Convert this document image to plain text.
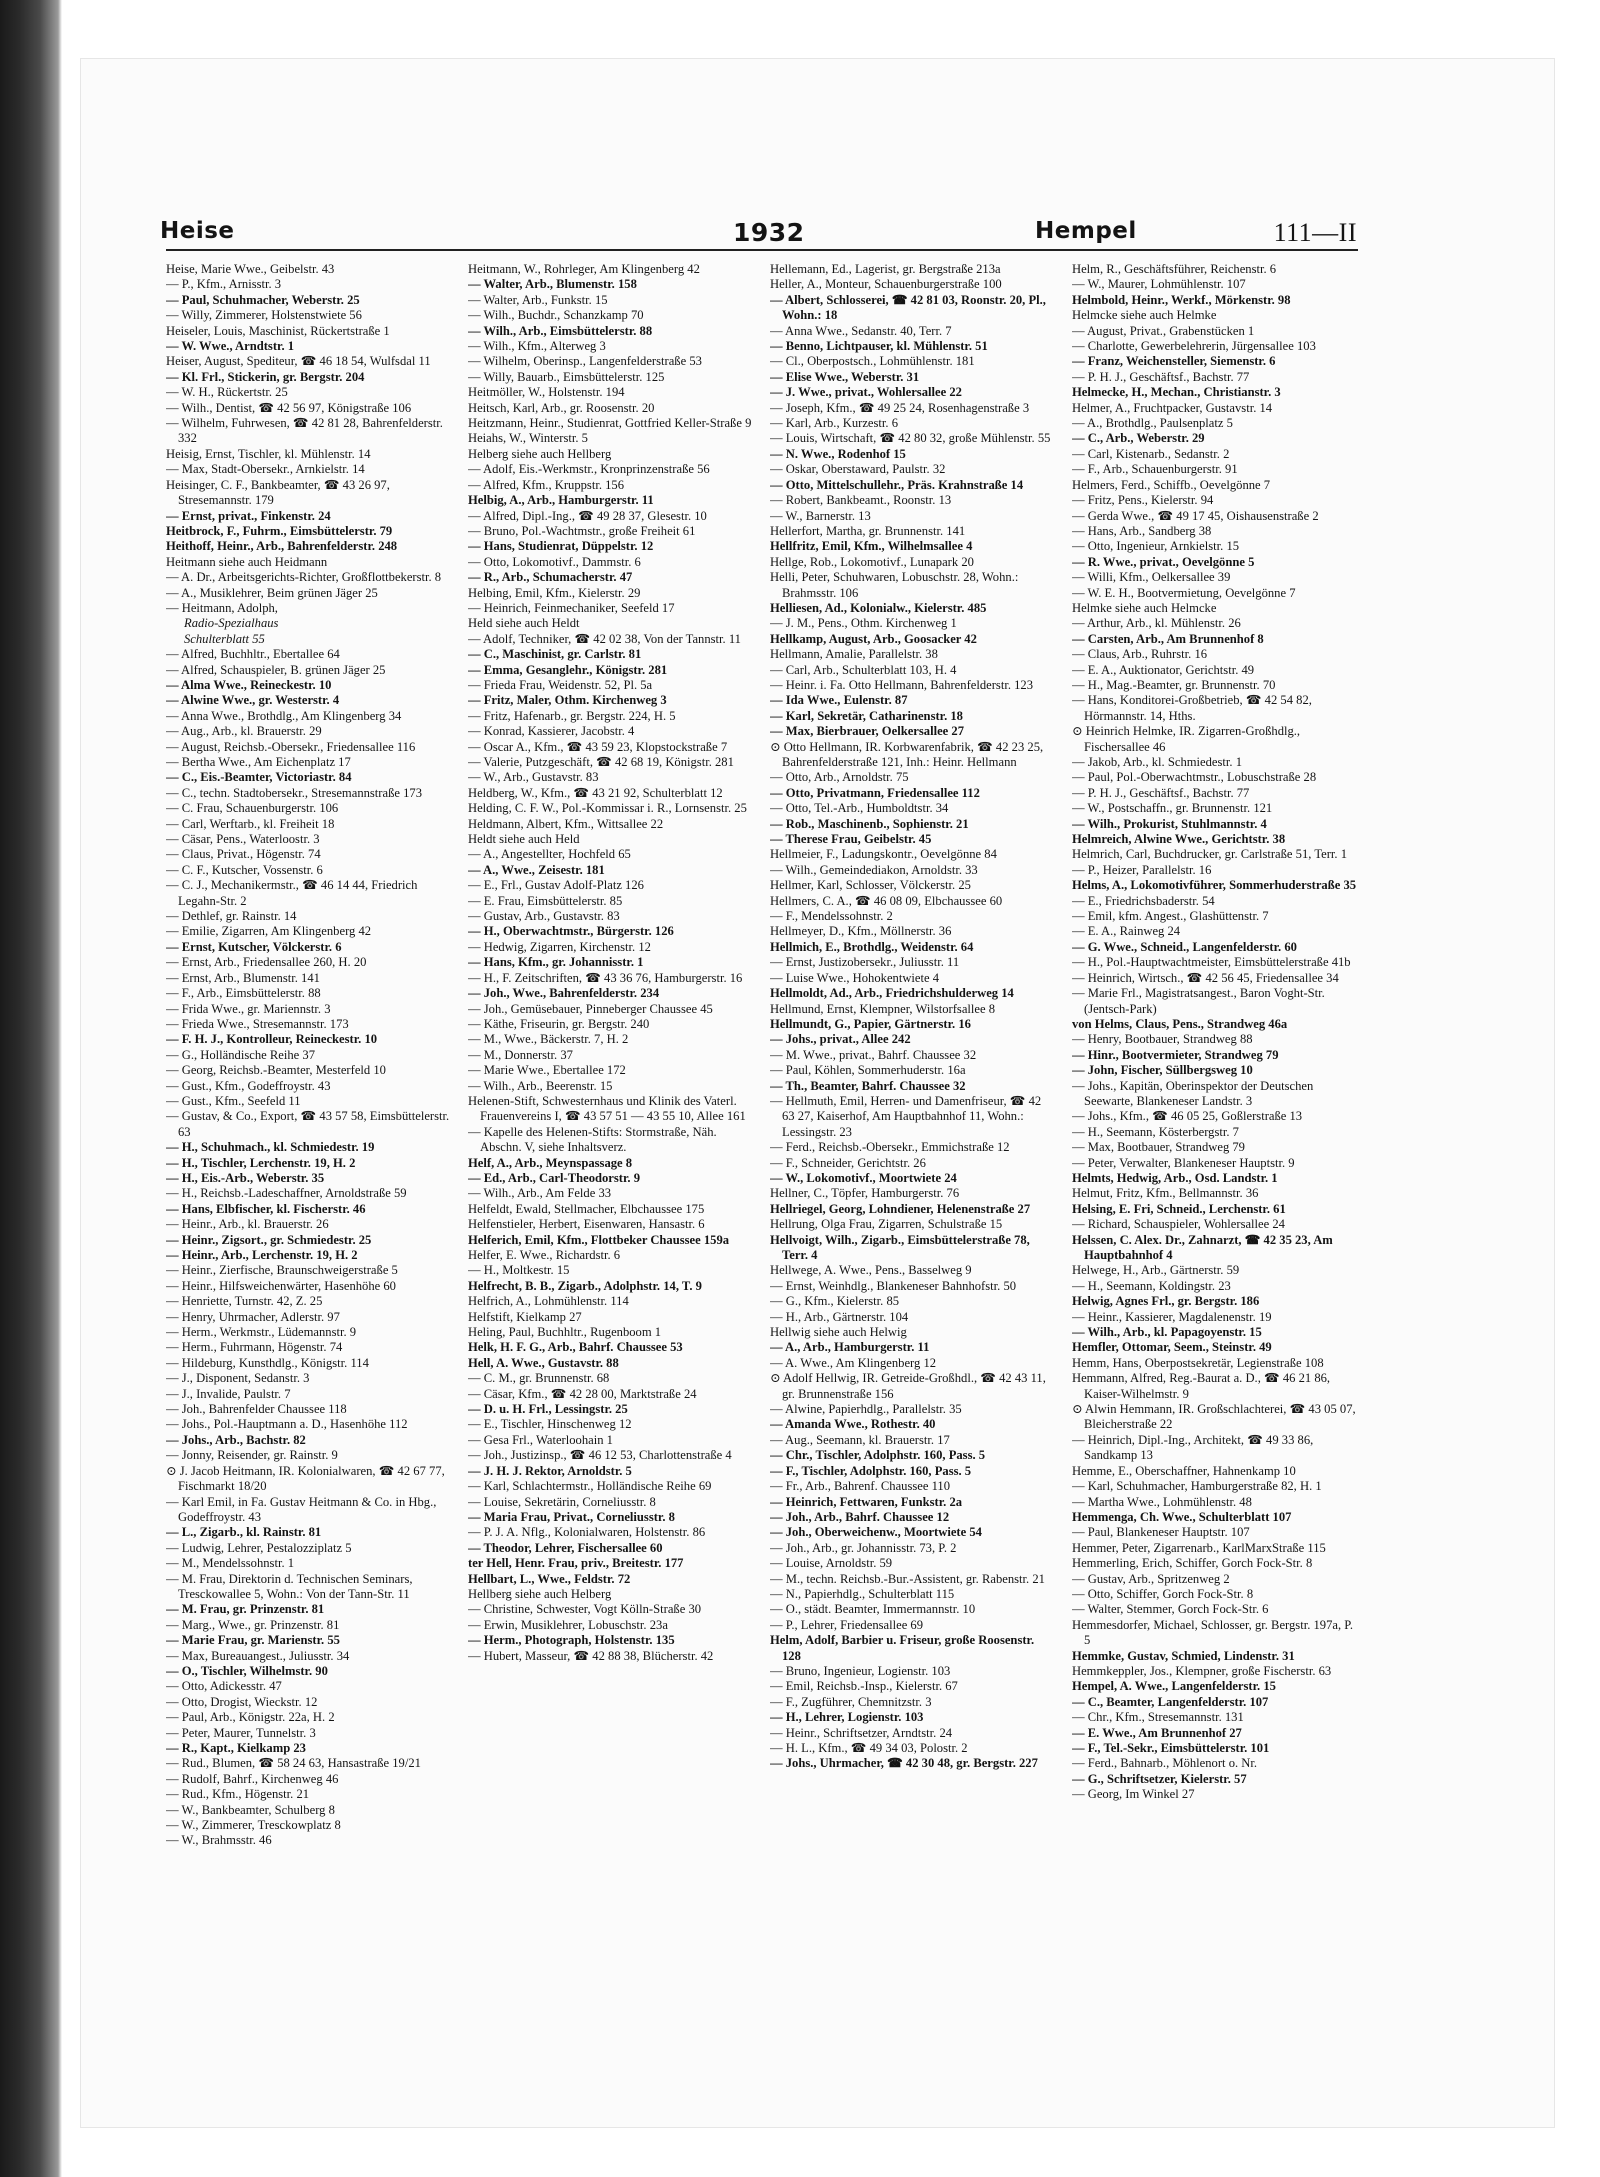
Heise	1932	Hempel	111—II
Heise, Marie Wwe., Geibelstr. 43
— P., Kfm., Arnisstr. 3
— Paul, Schuhmacher, Weberstr. 25
— Willy, Zimmerer, Holstenstwiete 56
Heiseler, Louis, Maschinist, Rückertstraße 1
— W. Wwe., Arndtstr. 1
Heiser, August, Spediteur, ☎ 46 18 54, Wulfsdal 11
— Kl. Frl., Stickerin, gr. Bergstr. 204
— W. H., Rückertstr. 25
— Wilh., Dentist, ☎ 42 56 97, Königstraße 106
— Wilhelm, Fuhrwesen, ☎ 42 81 28, Bahrenfelderstr. 332
Heisig, Ernst, Tischler, kl. Mühlenstr. 14
— Max, Stadt-Obersekr., Arnkielstr. 14
Heisinger, C. F., Bankbeamter, ☎ 43 26 97, Stresemannstr. 179
— Ernst, privat., Finkenstr. 24
Heitbrock, F., Fuhrm., Eimsbüttelerstr. 79
Heithoff, Heinr., Arb., Bahrenfelderstr. 248
Heitmann siehe auch Heidmann
— A. Dr., Arbeitsgerichts-Richter, Großflottbekerstr. 8
— A., Musiklehrer, Beim grünen Jäger 25
— Heitmann, Adolph,
Radio-Spezialhaus
Schulterblatt 55
— Alfred, Buchhltr., Ebertallee 64
— Alfred, Schauspieler, B. grünen Jäger 25
— Alma Wwe., Reineckestr. 10
— Alwine Wwe., gr. Westerstr. 4
— Anna Wwe., Brothdlg., Am Klingenberg 34
— Aug., Arb., kl. Brauerstr. 29
— August, Reichsb.-Obersekr., Friedensallee 116
— Bertha Wwe., Am Eichenplatz 17
— C., Eis.-Beamter, Victoriastr. 84
— C., techn. Stadtobersekr., Stresemannstraße 173
— C. Frau, Schauenburgerstr. 106
— Carl, Werftarb., kl. Freiheit 18
— Cäsar, Pens., Waterloostr. 3
— Claus, Privat., Högenstr. 74
— C. F., Kutscher, Vossenstr. 6
— C. J., Mechanikermstr., ☎ 46 14 44, Friedrich Legahn-Str. 2
— Dethlef, gr. Rainstr. 14
— Emilie, Zigarren, Am Klingenberg 42
— Ernst, Kutscher, Völckerstr. 6
— Ernst, Arb., Friedensallee 260, H. 20
— Ernst, Arb., Blumenstr. 141
— F., Arb., Eimsbüttelerstr. 88
— Frida Wwe., gr. Mariennstr. 3
— Frieda Wwe., Stresemannstr. 173
— F. H. J., Kontrolleur, Reineckestr. 10
— G., Holländische Reihe 37
— Georg, Reichsb.-Beamter, Mesterfeld 10
— Gust., Kfm., Godeffroystr. 43
— Gust., Kfm., Seefeld 11
— Gustav, & Co., Export, ☎ 43 57 58, Eimsbüttelerstr. 63
— H., Schuhmach., kl. Schmiedestr. 19
— H., Tischler, Lerchenstr. 19, H. 2
— H., Eis.-Arb., Weberstr. 35
— H., Reichsb.-Ladeschaffner, Arnoldstraße 59
— Hans, Elbfischer, kl. Fischerstr. 46
— Heinr., Arb., kl. Brauerstr. 26
— Heinr., Zigsort., gr. Schmiedestr. 25
— Heinr., Arb., Lerchenstr. 19, H. 2
— Heinr., Zierfische, Braunschweigerstraße 5
— Heinr., Hilfsweichenwärter, Hasenhöhe 60
— Henriette, Turnstr. 42, Z. 25
— Henry, Uhrmacher, Adlerstr. 97
— Herm., Werkmstr., Lüdemannstr. 9
— Herm., Fuhrmann, Högenstr. 74
— Hildeburg, Kunsthdlg., Königstr. 114
— J., Disponent, Sedanstr. 3
— J., Invalide, Paulstr. 7
— Joh., Bahrenfelder Chaussee 118
— Johs., Pol.-Hauptmann a. D., Hasenhöhe 112
— Johs., Arb., Bachstr. 82
— Jonny, Reisender, gr. Rainstr. 9
⊙ J. Jacob Heitmann, IR. Kolonialwaren, ☎ 42 67 77, Fischmarkt 18/20
— Karl Emil, in Fa. Gustav Heitmann & Co. in Hbg., Godeffroystr. 43
— L., Zigarb., kl. Rainstr. 81
— Ludwig, Lehrer, Pestalozziplatz 5
— M., Mendelssohnstr. 1
— M. Frau, Direktorin d. Technischen Seminars, Tresckowallee 5, Wohn.: Von der Tann-Str. 11
— M. Frau, gr. Prinzenstr. 81
— Marg., Wwe., gr. Prinzenstr. 81
— Marie Frau, gr. Marienstr. 55
— Max, Bureauangest., Juliusstr. 34
— O., Tischler, Wilhelmstr. 90
— Otto, Adickesstr. 47
— Otto, Drogist, Wieckstr. 12
— Paul, Arb., Königstr. 22a, H. 2
— Peter, Maurer, Tunnelstr. 3
— R., Kapt., Kielkamp 23
— Rud., Blumen, ☎ 58 24 63, Hansastraße 19/21
— Rudolf, Bahrf., Kirchenweg 46
— Rud., Kfm., Högenstr. 21
— W., Bankbeamter, Schulberg 8
— W., Zimmerer, Tresckowplatz 8
— W., Brahmsstr. 46
Heitmann, W., Rohrleger, Am Klingenberg 42
— Walter, Arb., Blumenstr. 158
— Walter, Arb., Funkstr. 15
— Wilh., Buchdr., Schanzkamp 70
— Wilh., Arb., Eimsbüttelerstr. 88
— Wilh., Kfm., Alterweg 3
— Wilhelm, Oberinsp., Langenfelderstraße 53
— Willy, Bauarb., Eimsbüttelerstr. 125
Heitmöller, W., Holstenstr. 194
Heitsch, Karl, Arb., gr. Roosenstr. 20
Heitzmann, Heinr., Studienrat, Gottfried Keller-Straße 9
Heiahs, W., Winterstr. 5
Helberg siehe auch Hellberg
— Adolf, Eis.-Werkmstr., Kronprinzenstraße 56
— Alfred, Kfm., Kruppstr. 156
Helbig, A., Arb., Hamburgerstr. 11
— Alfred, Dipl.-Ing., ☎ 49 28 37, Glesestr. 10
— Bruno, Pol.-Wachtmstr., große Freiheit 61
— Hans, Studienrat, Düppelstr. 12
— Otto, Lokomotivf., Dammstr. 6
— R., Arb., Schumacherstr. 47
Helbing, Emil, Kfm., Kielerstr. 29
— Heinrich, Feinmechaniker, Seefeld 17
Held siehe auch Heldt
— Adolf, Techniker, ☎ 42 02 38, Von der Tannstr. 11
— C., Maschinist, gr. Carlstr. 81
— Emma, Gesanglehr., Königstr. 281
— Frieda Frau, Weidenstr. 52, Pl. 5a
— Fritz, Maler, Othm. Kirchenweg 3
— Fritz, Hafenarb., gr. Bergstr. 224, H. 5
— Konrad, Kassierer, Jacobstr. 4
— Oscar A., Kfm., ☎ 43 59 23, Klopstockstraße 7
— Valerie, Putzgeschäft, ☎ 42 68 19, Königstr. 281
— W., Arb., Gustavstr. 83
Heldberg, W., Kfm., ☎ 43 21 92, Schulterblatt 12
Helding, C. F. W., Pol.-Kommissar i. R., Lornsenstr. 25
Heldmann, Albert, Kfm., Wittsallee 22
Heldt siehe auch Held
— A., Angestellter, Hochfeld 65
— A., Wwe., Zeisestr. 181
— E., Frl., Gustav Adolf-Platz 126
— E. Frau, Eimsbüttelerstr. 85
— Gustav, Arb., Gustavstr. 83
— H., Oberwachtmstr., Bürgerstr. 126
— Hedwig, Zigarren, Kirchenstr. 12
— Hans, Kfm., gr. Johannisstr. 1
— H., F. Zeitschriften, ☎ 43 36 76, Hamburgerstr. 16
— Joh., Wwe., Bahrenfelderstr. 234
— Joh., Gemüsebauer, Pinneberger Chaussee 45
— Käthe, Friseurin, gr. Bergstr. 240
— M., Wwe., Bäckerstr. 7, H. 2
— M., Donnerstr. 37
— Marie Wwe., Ebertallee 172
— Wilh., Arb., Beerenstr. 15
Helenen-Stift, Schwesternhaus und Klinik des Vaterl. Frauenvereins I, ☎ 43 57 51 — 43 55 10, Allee 161
— Kapelle des Helenen-Stifts: Stormstraße, Näh. Abschn. V, siehe Inhaltsverz.
Helf, A., Arb., Meynspassage 8
— Ed., Arb., Carl-Theodorstr. 9
— Wilh., Arb., Am Felde 33
Helfeldt, Ewald, Stellmacher, Elbchaussee 175
Helfenstieler, Herbert, Eisenwaren, Hansastr. 6
Helferich, Emil, Kfm., Flottbeker Chaussee 159a
Helfer, E. Wwe., Richardstr. 6
— H., Moltkestr. 15
Helfrecht, B. B., Zigarb., Adolphstr. 14, T. 9
Helfrich, A., Lohmühlenstr. 114
Helfstift, Kielkamp 27
Heling, Paul, Buchhltr., Rugenboom 1
Helk, H. F. G., Arb., Bahrf. Chaussee 53
Hell, A. Wwe., Gustavstr. 88
— C. M., gr. Brunnenstr. 68
— Cäsar, Kfm., ☎ 42 28 00, Marktstraße 24
— D. u. H. Frl., Lessingstr. 25
— E., Tischler, Hinschenweg 12
— Gesa Frl., Waterloohain 1
— Joh., Justizinsp., ☎ 46 12 53, Charlottenstraße 4
— J. H. J. Rektor, Arnoldstr. 5
— Karl, Schlachtermstr., Holländische Reihe 69
— Louise, Sekretärin, Corneliusstr. 8
— Maria Frau, Privat., Corneliusstr. 8
— P. J. A. Nflg., Kolonialwaren, Holstenstr. 86
— Theodor, Lehrer, Fischersallee 60
ter Hell, Henr. Frau, priv., Breitestr. 177
Hellbart, L., Wwe., Feldstr. 72
Hellberg siehe auch Helberg
— Christine, Schwester, Vogt Kölln-Straße 30
— Erwin, Musiklehrer, Lobuschstr. 23a
— Herm., Photograph, Holstenstr. 135
— Hubert, Masseur, ☎ 42 88 38, Blücherstr. 42
Hellemann, Ed., Lagerist, gr. Bergstraße 213a
Heller, A., Monteur, Schauenburgerstraße 100
— Albert, Schlosserei, ☎ 42 81 03, Roonstr. 20, Pl., Wohn.: 18
— Anna Wwe., Sedanstr. 40, Terr. 7
— Benno, Lichtpauser, kl. Mühlenstr. 51
— Cl., Oberpostsch., Lohmühlenstr. 181
— Elise Wwe., Weberstr. 31
— J. Wwe., privat., Wohlersallee 22
— Joseph, Kfm., ☎ 49 25 24, Rosenhagenstraße 3
— Karl, Arb., Kurzestr. 6
— Louis, Wirtschaft, ☎ 42 80 32, große Mühlenstr. 55
— N. Wwe., Rodenhof 15
— Oskar, Oberstaward, Paulstr. 32
— Otto, Mittelschullehr., Präs. Krahnstraße 14
— Robert, Bankbeamt., Roonstr. 13
— W., Barnerstr. 13
Hellerfort, Martha, gr. Brunnenstr. 141
Hellfritz, Emil, Kfm., Wilhelmsallee 4
Hellge, Rob., Lokomotivf., Lunapark 20
Helli, Peter, Schuhwaren, Lobuschstr. 28, Wohn.: Brahmsstr. 106
Helliesen, Ad., Kolonialw., Kielerstr. 485
— J. M., Pens., Othm. Kirchenweg 1
Hellkamp, August, Arb., Goosacker 42
Hellmann, Amalie, Parallelstr. 38
— Carl, Arb., Schulterblatt 103, H. 4
— Heinr. i. Fa. Otto Hellmann, Bahrenfelderstr. 123
— Ida Wwe., Eulenstr. 87
— Karl, Sekretär, Catharinenstr. 18
— Max, Bierbrauer, Oelkersallee 27
⊙ Otto Hellmann, IR. Korbwarenfabrik, ☎ 42 23 25, Bahrenfelderstraße 121, Inh.: Heinr. Hellmann
— Otto, Arb., Arnoldstr. 75
— Otto, Privatmann, Friedensallee 112
— Otto, Tel.-Arb., Humboldtstr. 34
— Rob., Maschinenb., Sophienstr. 21
— Therese Frau, Geibelstr. 45
Hellmeier, F., Ladungskontr., Oevelgönne 84
— Wilh., Gemeindediakon, Arnoldstr. 33
Hellmer, Karl, Schlosser, Völckerstr. 25
Hellmers, C. A., ☎ 46 08 09, Elbchaussee 60
— F., Mendelssohnstr. 2
Hellmeyer, D., Kfm., Möllnerstr. 36
Hellmich, E., Brothdlg., Weidenstr. 64
— Ernst, Justizobersekr., Juliusstr. 11
— Luise Wwe., Hohokentwiete 4
Hellmoldt, Ad., Arb., Friedrichshulderweg 14
Hellmund, Ernst, Klempner, Wilstorfsallee 8
Hellmundt, G., Papier, Gärtnerstr. 16
— Johs., privat., Allee 242
— M. Wwe., privat., Bahrf. Chaussee 32
— Paul, Köhlen, Sommerhuderstr. 16a
— Th., Beamter, Bahrf. Chaussee 32
— Hellmuth, Emil, Herren- und Damenfriseur, ☎ 42 63 27, Kaiserhof, Am Hauptbahnhof 11, Wohn.: Lessingstr. 23
— Ferd., Reichsb.-Obersekr., Emmichstraße 12
— F., Schneider, Gerichtstr. 26
— W., Lokomotivf., Moortwiete 24
Hellner, C., Töpfer, Hamburgerstr. 76
Hellriegel, Georg, Lohndiener, Helenenstraße 27
Hellrung, Olga Frau, Zigarren, Schulstraße 15
Hellvoigt, Wilh., Zigarb., Eimsbüttelerstraße 78, Terr. 4
Hellwege, A. Wwe., Pens., Basselweg 9
— Ernst, Weinhdlg., Blankeneser Bahnhofstr. 50
— G., Kfm., Kielerstr. 85
— H., Arb., Gärtnerstr. 104
Hellwig siehe auch Helwig
— A., Arb., Hamburgerstr. 11
— A. Wwe., Am Klingenberg 12
⊙ Adolf Hellwig, IR. Getreide-Großhdl., ☎ 42 43 11, gr. Brunnenstraße 156
— Alwine, Papierhdlg., Parallelstr. 35
— Amanda Wwe., Rothestr. 40
— Aug., Seemann, kl. Brauerstr. 17
— Chr., Tischler, Adolphstr. 160, Pass. 5
— F., Tischler, Adolphstr. 160, Pass. 5
— Fr., Arb., Bahrenf. Chaussee 110
— Heinrich, Fettwaren, Funkstr. 2a
— Joh., Arb., Bahrf. Chaussee 12
— Joh., Oberweichenw., Moortwiete 54
— Joh., Arb., gr. Johannisstr. 73, P. 2
— Louise, Arnoldstr. 59
— M., techn. Reichsb.-Bur.-Assistent, gr. Rabenstr. 21
— N., Papierhdlg., Schulterblatt 115
— O., städt. Beamter, Immermannstr. 10
— P., Lehrer, Friedensallee 69
Helm, Adolf, Barbier u. Friseur, große Roosenstr. 128
— Bruno, Ingenieur, Logienstr. 103
— Emil, Reichsb.-Insp., Kielerstr. 67
— F., Zugführer, Chemnitzstr. 3
— H., Lehrer, Logienstr. 103
— Heinr., Schriftsetzer, Arndtstr. 24
— H. L., Kfm., ☎ 49 34 03, Polostr. 2
— Johs., Uhrmacher, ☎ 42 30 48, gr. Bergstr. 227
Helm, R., Geschäftsführer, Reichenstr. 6
— W., Maurer, Lohmühlenstr. 107
Helmbold, Heinr., Werkf., Mörkenstr. 98
Helmcke siehe auch Helmke
— August, Privat., Grabenstücken 1
— Charlotte, Gewerbelehrerin, Jürgensallee 103
— Franz, Weichensteller, Siemenstr. 6
— P. H. J., Geschäftsf., Bachstr. 77
Helmecke, H., Mechan., Christianstr. 3
Helmer, A., Fruchtpacker, Gustavstr. 14
— A., Brothdlg., Paulsenplatz 5
— C., Arb., Weberstr. 29
— Carl, Kistenarb., Sedanstr. 2
— F., Arb., Schauenburgerstr. 91
Helmers, Ferd., Schiffb., Oevelgönne 7
— Fritz, Pens., Kielerstr. 94
— Gerda Wwe., ☎ 49 17 45, Oishausenstraße 2
— Hans, Arb., Sandberg 38
— Otto, Ingenieur, Arnkielstr. 15
— R. Wwe., privat., Oevelgönne 5
— Willi, Kfm., Oelkersallee 39
— W. E. H., Bootvermietung, Oevelgönne 7
Helmke siehe auch Helmcke
— Arthur, Arb., kl. Mühlenstr. 26
— Carsten, Arb., Am Brunnenhof 8
— Claus, Arb., Ruhrstr. 16
— E. A., Auktionator, Gerichtstr. 49
— H., Mag.-Beamter, gr. Brunnenstr. 70
— Hans, Konditorei-Großbetrieb, ☎ 42 54 82, Hörmannstr. 14, Hths.
⊙ Heinrich Helmke, IR. Zigarren-Großhdlg., Fischersallee 46
— Jakob, Arb., kl. Schmiedestr. 1
— Paul, Pol.-Oberwachtmstr., Lobuschstraße 28
— P. H. J., Geschäftsf., Bachstr. 77
— W., Postschaffn., gr. Brunnenstr. 121
— Wilh., Prokurist, Stuhlmannstr. 4
Helmreich, Alwine Wwe., Gerichtstr. 38
Helmrich, Carl, Buchdrucker, gr. Carlstraße 51, Terr. 1
— P., Heizer, Parallelstr. 16
Helms, A., Lokomotivführer, Sommerhuderstraße 35
— E., Friedrichsbaderstr. 54
— Emil, kfm. Angest., Glashüttenstr. 7
— E. A., Rainweg 24
— G. Wwe., Schneid., Langenfelderstr. 60
— H., Pol.-Hauptwachtmeister, Eimsbüttelerstraße 41b
— Heinrich, Wirtsch., ☎ 42 56 45, Friedensallee 34
— Marie Frl., Magistratsangest., Baron Voght-Str. (Jentsch-Park)
von Helms, Claus, Pens., Strandweg 46a
— Henry, Bootbauer, Strandweg 88
— Hinr., Bootvermieter, Strandweg 79
— John, Fischer, Süllbergsweg 10
— Johs., Kapitän, Oberinspektor der Deutschen Seewarte, Blankeneser Landstr. 3
— Johs., Kfm., ☎ 46 05 25, Goßlerstraße 13
— H., Seemann, Kösterbergstr. 7
— Max, Bootbauer, Strandweg 79
— Peter, Verwalter, Blankeneser Hauptstr. 9
Helmts, Hedwig, Arb., Osd. Landstr. 1
Helmut, Fritz, Kfm., Bellmannstr. 36
Helsing, E. Fri, Schneid., Lerchenstr. 61
— Richard, Schauspieler, Wohlersallee 24
Helssen, C. Alex. Dr., Zahnarzt, ☎ 42 35 23, Am Hauptbahnhof 4
Helwege, H., Arb., Gärtnerstr. 59
— H., Seemann, Koldingstr. 23
Helwig, Agnes Frl., gr. Bergstr. 186
— Heinr., Kassierer, Magdalenenstr. 19
— Wilh., Arb., kl. Papagoyenstr. 15
Hemfler, Ottomar, Seem., Steinstr. 49
Hemm, Hans, Oberpostsekretär, Legienstraße 108
Hemmann, Alfred, Reg.-Baurat a. D., ☎ 46 21 86, Kaiser-Wilhelmstr. 9
⊙ Alwin Hemmann, IR. Großschlachterei, ☎ 43 05 07, Bleicherstraße 22
— Heinrich, Dipl.-Ing., Architekt, ☎ 49 33 86, Sandkamp 13
Hemme, E., Oberschaffner, Hahnenkamp 10
— Karl, Schuhmacher, Hamburgerstraße 82, H. 1
— Martha Wwe., Lohmühlenstr. 48
Hemmenga, Ch. Wwe., Schulterblatt 107
— Paul, Blankeneser Hauptstr. 107
Hemmer, Peter, Zigarrenarb., KarlMarxStraße 115
Hemmerling, Erich, Schiffer, Gorch Fock-Str. 8
— Gustav, Arb., Spritzenweg 2
— Otto, Schiffer, Gorch Fock-Str. 8
— Walter, Stemmer, Gorch Fock-Str. 6
Hemmesdorfer, Michael, Schlosser, gr. Bergstr. 197a, P. 5
Hemmke, Gustav, Schmied, Lindenstr. 31
Hemmkeppler, Jos., Klempner, große Fischerstr. 63
Hempel, A. Wwe., Langenfelderstr. 15
— C., Beamter, Langenfelderstr. 107
— Chr., Kfm., Stresemannstr. 131
— E. Wwe., Am Brunnenhof 27
— F., Tel.-Sekr., Eimsbüttelerstr. 101
— Ferd., Bahnarb., Möhlenort o. Nr.
— G., Schriftsetzer, Kielerstr. 57
— Georg, Im Winkel 27
